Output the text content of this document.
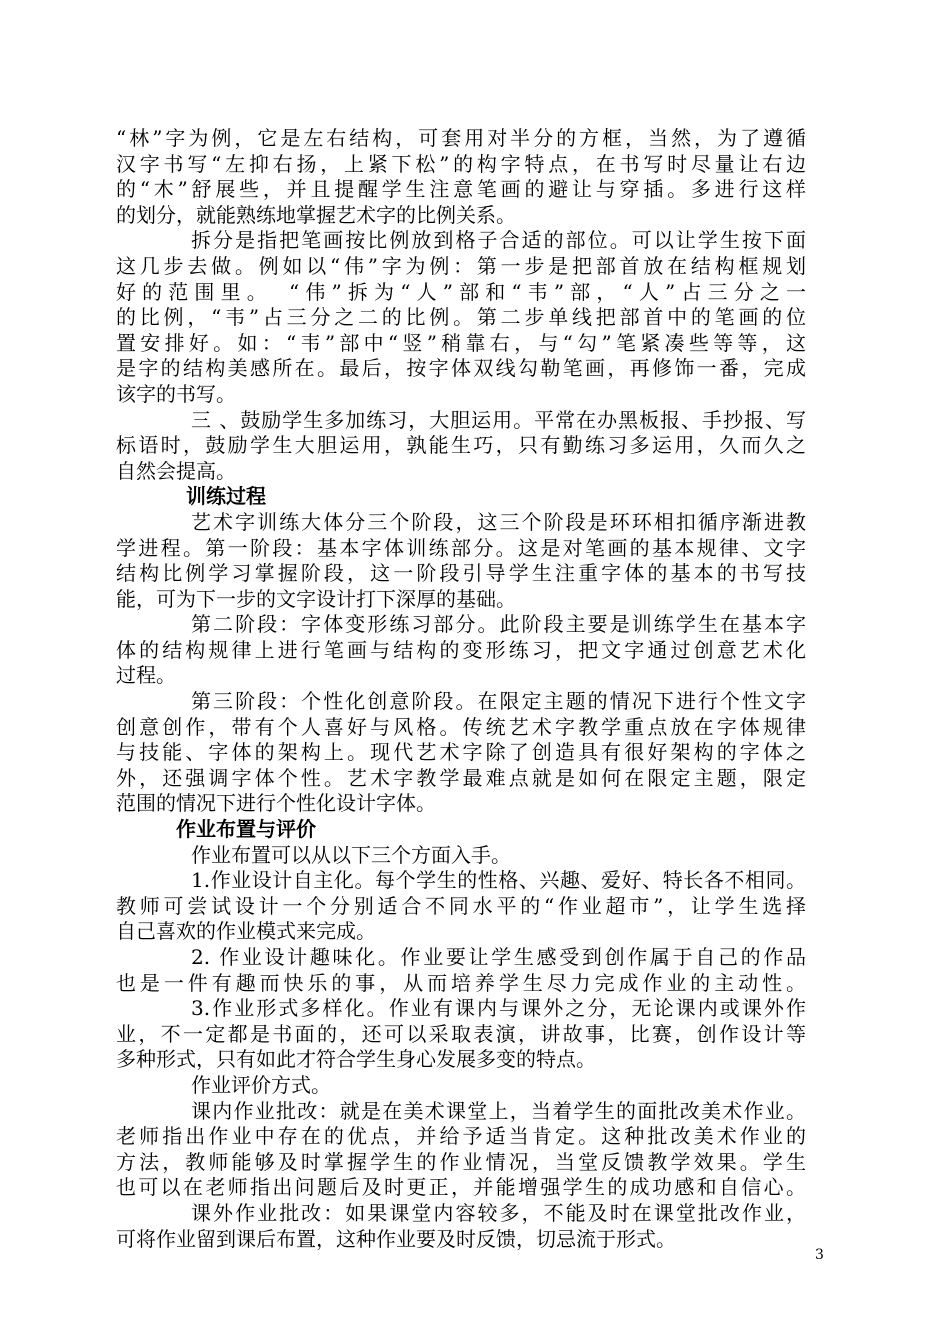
“林”字为例，它是左右结构，可套用对半分的方框，当然，为了遵循
汉字书写“左抑右扬，上紧下松”的构字特点，在书写时尽量让右边
的“木”舒展些，并且提醒学生注意笔画的避让与穿插。多进行这样
的划分，就能熟练地掌握艺术字的比例关系。
拆分是指把笔画按比例放到格子合适的部位。可以让学生按下面
这几步去做。例如以“伟”字为例：第一步是把部首放在结构框规划
好的范围里。　“伟”拆为“人”部和“韦”部，“人”占三分之一
的比例，“韦”占三分之二的比例。第二步单线把部首中的笔画的位
置安排好。如：“韦”部中“竖”稍靠右，与“勾”笔紧凑些等等，这
是字的结构美感所在。最后，按字体双线勾勒笔画，再修饰一番，完成
该字的书写。
三 、鼓励学生多加练习，大胆运用。平常在办黑板报、手抄报、写
标语时，鼓励学生大胆运用，孰能生巧，只有勤练习多运用，久而久之
自然会提高。
训练过程
艺术字训练大体分三个阶段，这三个阶段是环环相扣循序渐进教
学进程。第一阶段：基本字体训练部分。这是对笔画的基本规律、文字
结构比例学习掌握阶段，这一阶段引导学生注重字体的基本的书写技
能，可为下一步的文字设计打下深厚的基础。
第二阶段：字体变形练习部分。此阶段主要是训练学生在基本字
体的结构规律上进行笔画与结构的变形练习，把文字通过创意艺术化
过程。
第三阶段：个性化创意阶段。在限定主题的情况下进行个性文字
创意创作，带有个人喜好与风格。传统艺术字教学重点放在字体规律
与技能、字体的架构上。现代艺术字除了创造具有很好架构的字体之
外，还强调字体个性。艺术字教学最难点就是如何在限定主题，限定
范围的情况下进行个性化设计字体。
作业布置与评价
作业布置可以从以下三个方面入手。
1.作业设计自主化。每个学生的性格、兴趣、爱好、特长各不相同。
教师可尝试设计一个分别适合不同水平的“作业超市”，让学生选择
自己喜欢的作业模式来完成。
2. 作业设计趣味化。作业要让学生感受到创作属于自己的作品
也是一件有趣而快乐的事，从而培养学生尽力完成作业的主动性。
3.作业形式多样化。作业有课内与课外之分，无论课内或课外作
业，不一定都是书面的，还可以采取表演，讲故事，比赛，创作设计等
多种形式，只有如此才符合学生身心发展多变的特点。
作业评价方式。
课内作业批改：就是在美术课堂上，当着学生的面批改美术作业。
老师指出作业中存在的优点，并给予适当肯定。这种批改美术作业的
方法，教师能够及时掌握学生的作业情况，当堂反馈教学效果。学生
也可以在老师指出问题后及时更正，并能增强学生的成功感和自信心。
课外作业批改：如果课堂内容较多，不能及时在课堂批改作业，
可将作业留到课后布置，这种作业要及时反馈，切忌流于形式。
3
